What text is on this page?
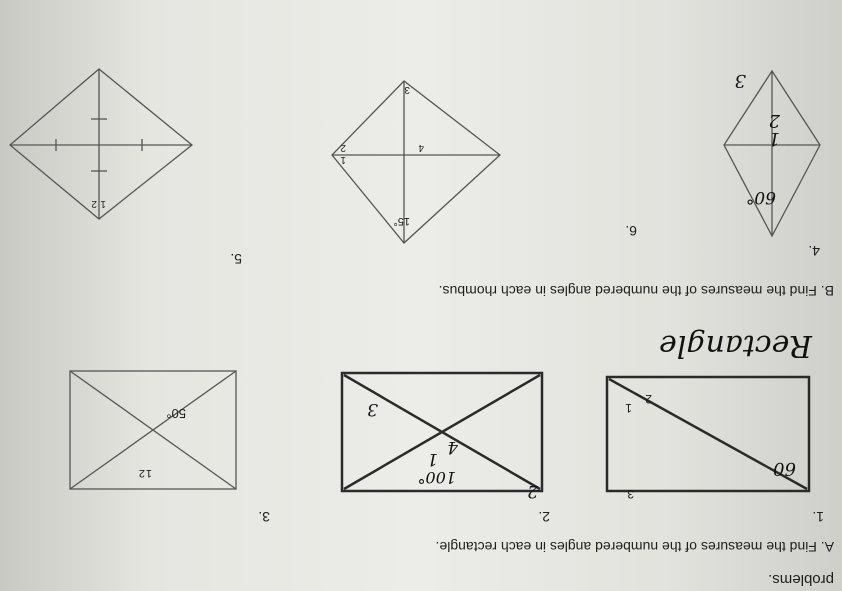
problems.
A. Find the measures of the numbered angles in each rectangle.
1.
2.
3.
60
2
1
3
100°
1
2
3
4
50°
1
2
Rectangle
B. Find the measures of the numbered angles in each rhombus.
4.
5.
6.
60°
1
2
3
15°
1
2
3
4
1
2
